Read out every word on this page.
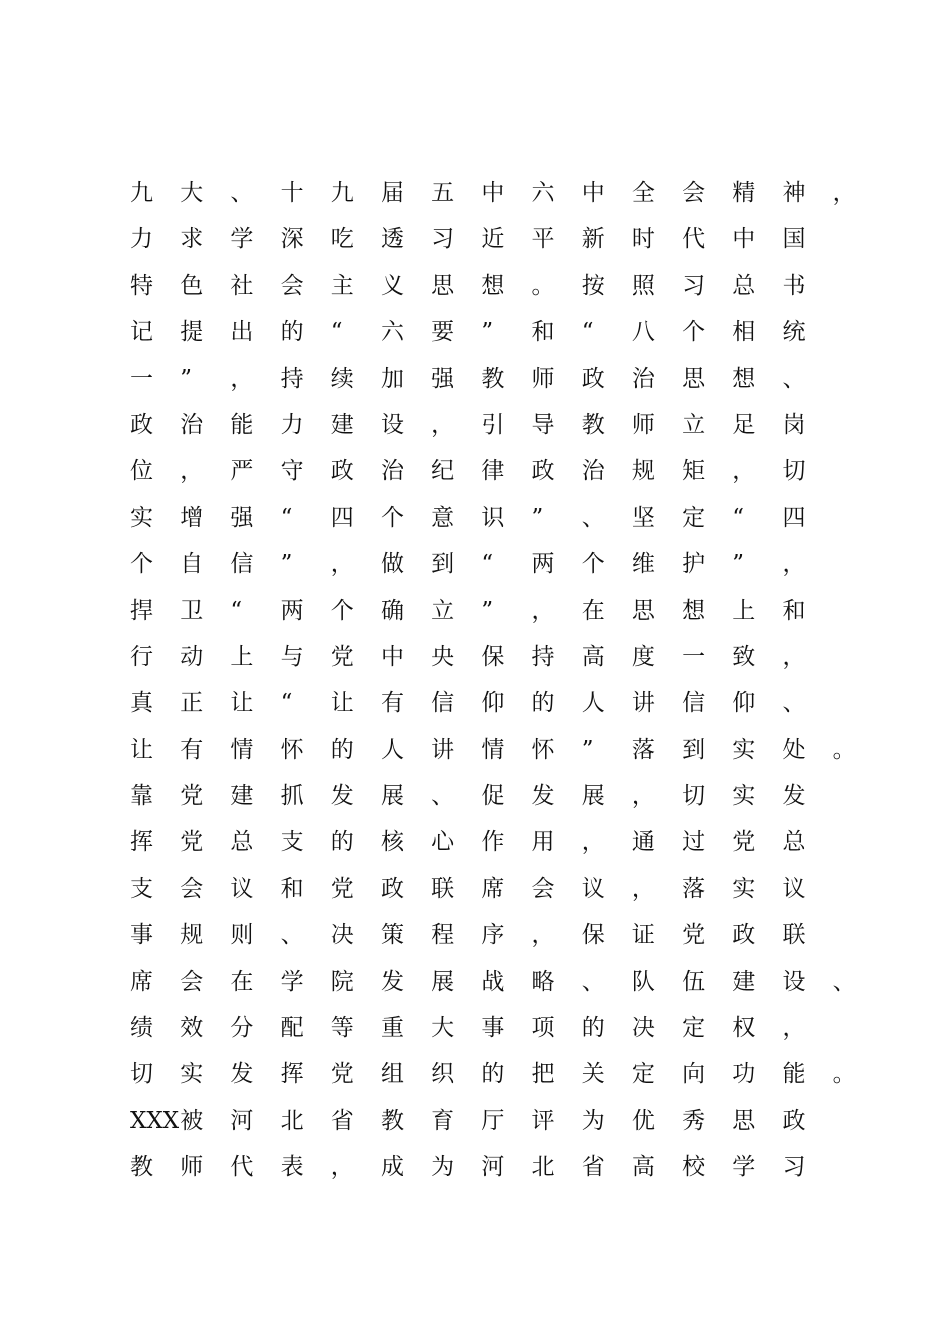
九 大 、 十 九 届 五 中 六 中 全 会 精 神 ，
力 求 学 深 吃 透 习 近 平 新 时 代 中 国
特 色 社 会 主 义 思 想 。 按 照 习 总 书
记 提 出 的 “ 六 要 ” 和 “ 八 个 相 统
一 ” ， 持 续 加 强 教 师 政 治 思 想 、
政 治 能 力 建 设 ， 引 导 教 师 立 足 岗
位 ， 严 守 政 治 纪 律 政 治 规 矩 ， 切
实 增 强 “ 四 个 意 识 ” 、 坚 定 “ 四
个 自 信 ” ， 做 到 “ 两 个 维 护 ” ，
捍 卫 “ 两 个 确 立 ” ， 在 思 想 上 和
行 动 上 与 党 中 央 保 持 高 度 一 致 ，
真 正 让 “ 让 有 信 仰 的 人 讲 信 仰 、
让 有 情 怀 的 人 讲 情 怀 ” 落 到 实 处 。
靠 党 建 抓 发 展 、 促 发 展 ， 切 实 发
挥 党 总 支 的 核 心 作 用 ， 通 过 党 总
支 会 议 和 党 政 联 席 会 议 ， 落 实 议
事 规 则 、 决 策 程 序 ， 保 证 党 政 联
席 会 在 学 院 发 展 战 略 、 队 伍 建 设 、
绩 效 分 配 等 重 大 事 项 的 决 定 权 ，
切 实 发 挥 党 组 织 的 把 关 定 向 功 能 。
XXX被 河 北 省 教 育 厅 评 为 优 秀 思 政
教 师 代 表 ， 成 为 河 北 省 高 校 学 习
